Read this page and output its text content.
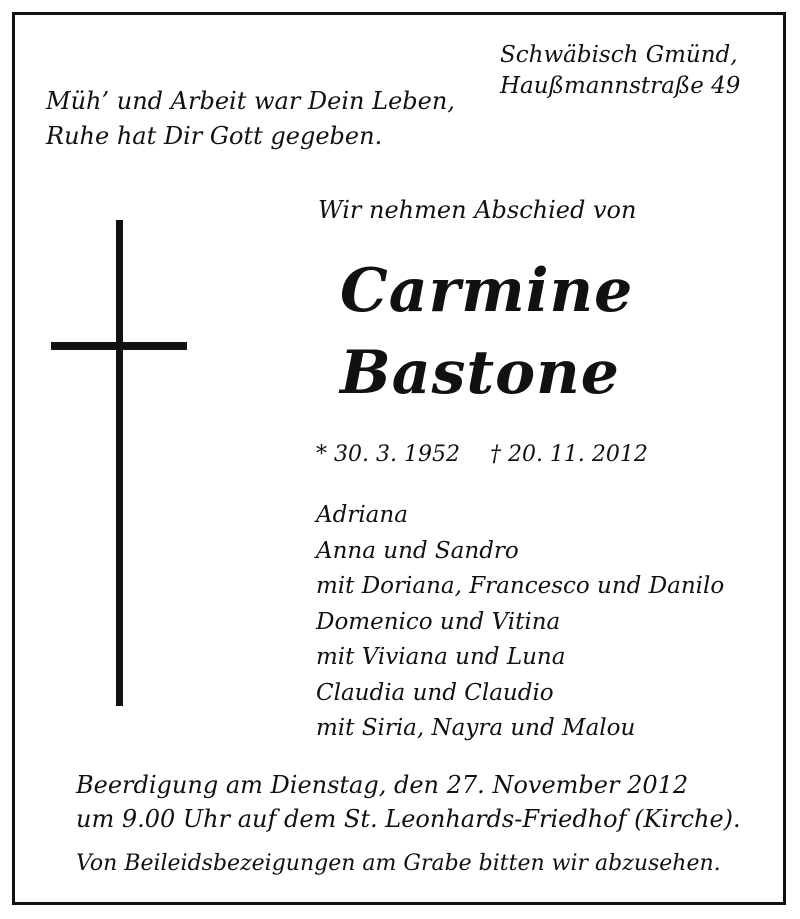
Schwäbisch Gmünd,
Haußmannstraße 49
Müh’ und Arbeit war Dein Leben,
Ruhe hat Dir Gott gegeben.
Wir nehmen Abschied von
Carmine
Bastone
* 30. 3. 1952 † 20. 11. 2012
Adriana
Anna und Sandro
mit Doriana, Francesco und Danilo
Domenico und Vitina
mit Viviana und Luna
Claudia und Claudio
mit Siria, Nayra und Malou
Beerdigung am Dienstag, den 27. November 2012
um 9.00 Uhr auf dem St. Leonhards-Friedhof (Kirche).
Von Beileidsbezeigungen am Grabe bitten wir abzusehen.
